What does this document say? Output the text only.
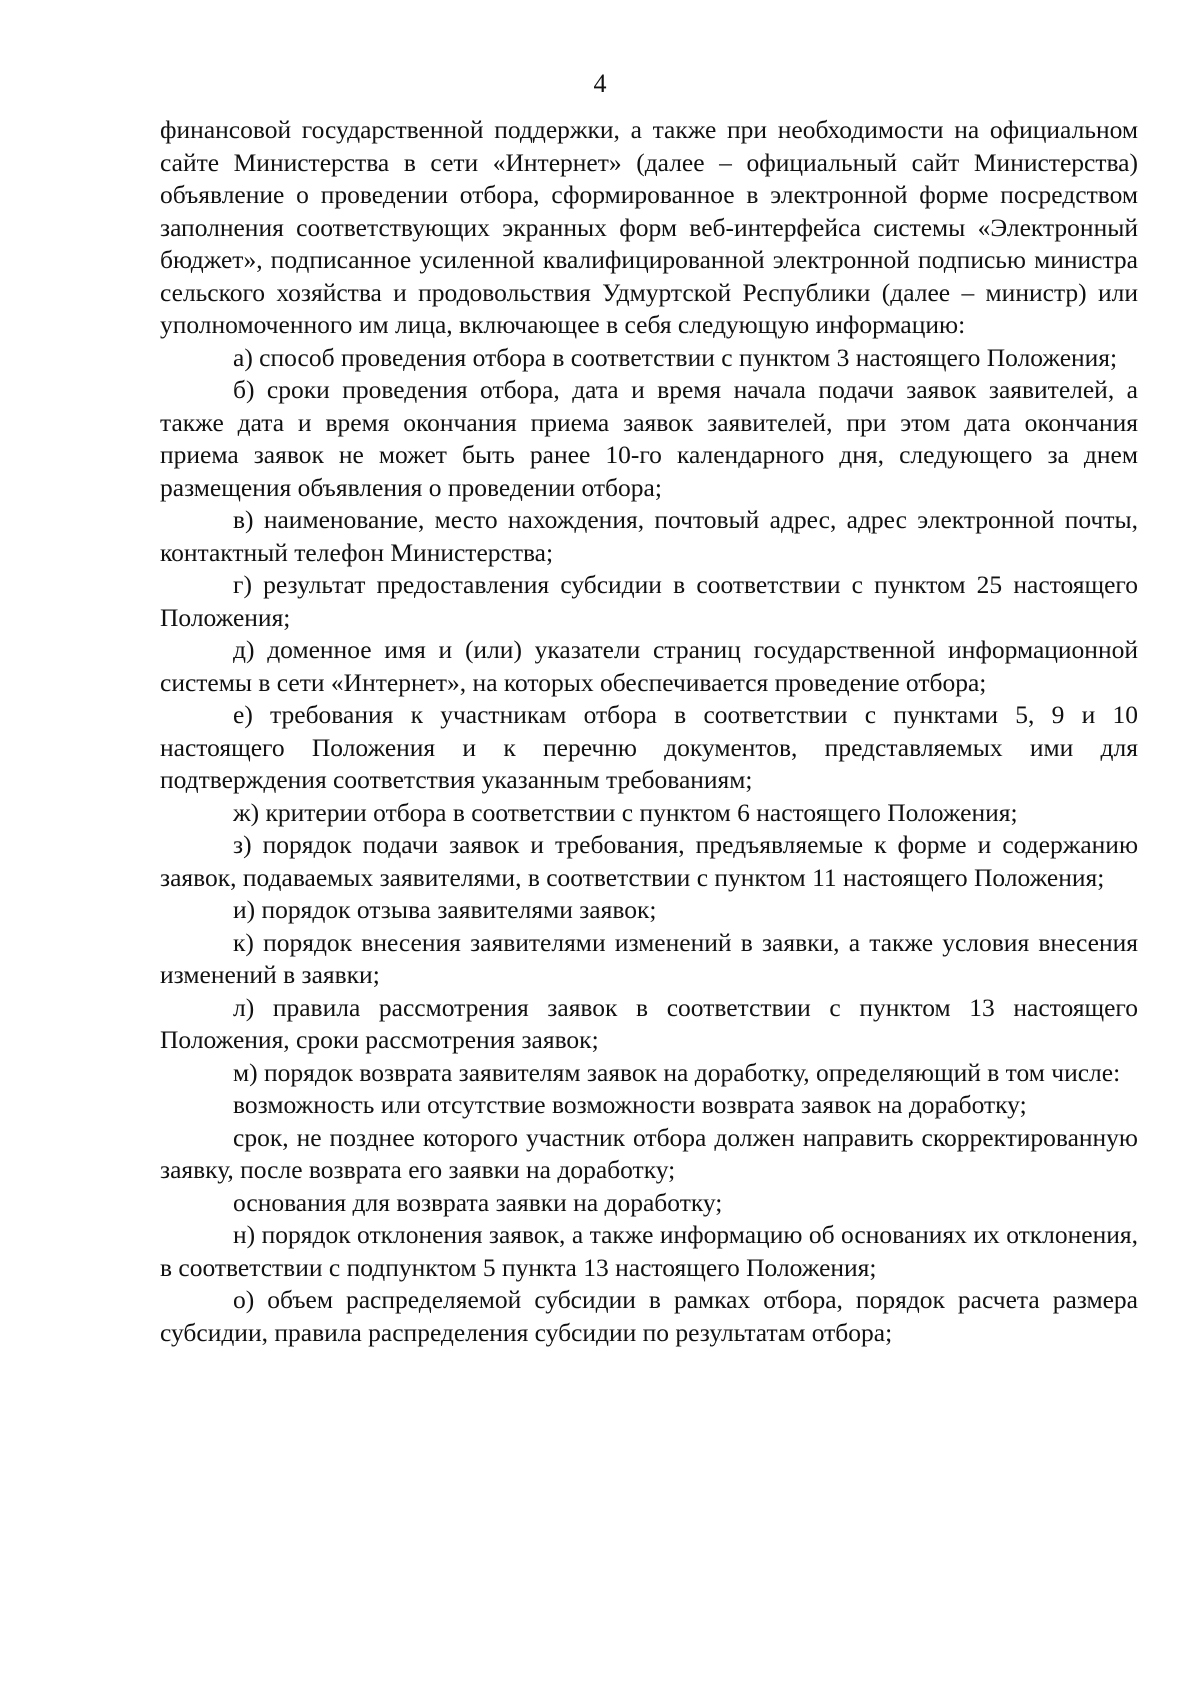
4

финансовой государственной поддержки, а также при необходимости на официальном сайте Министерства в сети «Интернет» (далее – официальный сайт Министерства) объявление о проведении отбора, сформированное в электронной форме посредством заполнения соответствующих экранных форм веб-интерфейса системы «Электронный бюджет», подписанное усиленной квалифицированной электронной подписью министра сельского хозяйства и продовольствия Удмуртской Республики (далее – министр) или уполномоченного им лица, включающее в себя следующую информацию:

а) способ проведения отбора в соответствии с пунктом 3 настоящего Положения;

б) сроки проведения отбора, дата и время начала подачи заявок заявителей, а также дата и время окончания приема заявок заявителей, при этом дата окончания приема заявок не может быть ранее 10-го календарного дня, следующего за днем размещения объявления о проведении отбора;

в) наименование, место нахождения, почтовый адрес, адрес электронной почты, контактный телефон Министерства;

г) результат предоставления субсидии в соответствии с пунктом 25 настоящего Положения;

д) доменное имя и (или) указатели страниц государственной информационной системы в сети «Интернет», на которых обеспечивается проведение отбора;

е) требования к участникам отбора в соответствии с пунктами 5, 9 и 10 настоящего Положения и к перечню документов, представляемых ими для подтверждения соответствия указанным требованиям;

ж) критерии отбора в соответствии с пунктом 6 настоящего Положения;

з) порядок подачи заявок и требования, предъявляемые к форме и содержанию заявок, подаваемых заявителями, в соответствии с пунктом 11 настоящего Положения;

и) порядок отзыва заявителями заявок;

к) порядок внесения заявителями изменений в заявки, а также условия внесения изменений в заявки;

л) правила рассмотрения заявок в соответствии с пунктом 13 настоящего Положения, сроки рассмотрения заявок;

м) порядок возврата заявителям заявок на доработку, определяющий в том числе:

возможность или отсутствие возможности возврата заявок на доработку;

срок, не позднее которого участник отбора должен направить скорректированную заявку, после возврата его заявки на доработку;

основания для возврата заявки на доработку;

н) порядок отклонения заявок, а также информацию об основаниях их отклонения, в соответствии с подпунктом 5 пункта 13 настоящего Положения;

о) объем распределяемой субсидии в рамках отбора, порядок расчета размера субсидии, правила распределения субсидии по результатам отбора;
